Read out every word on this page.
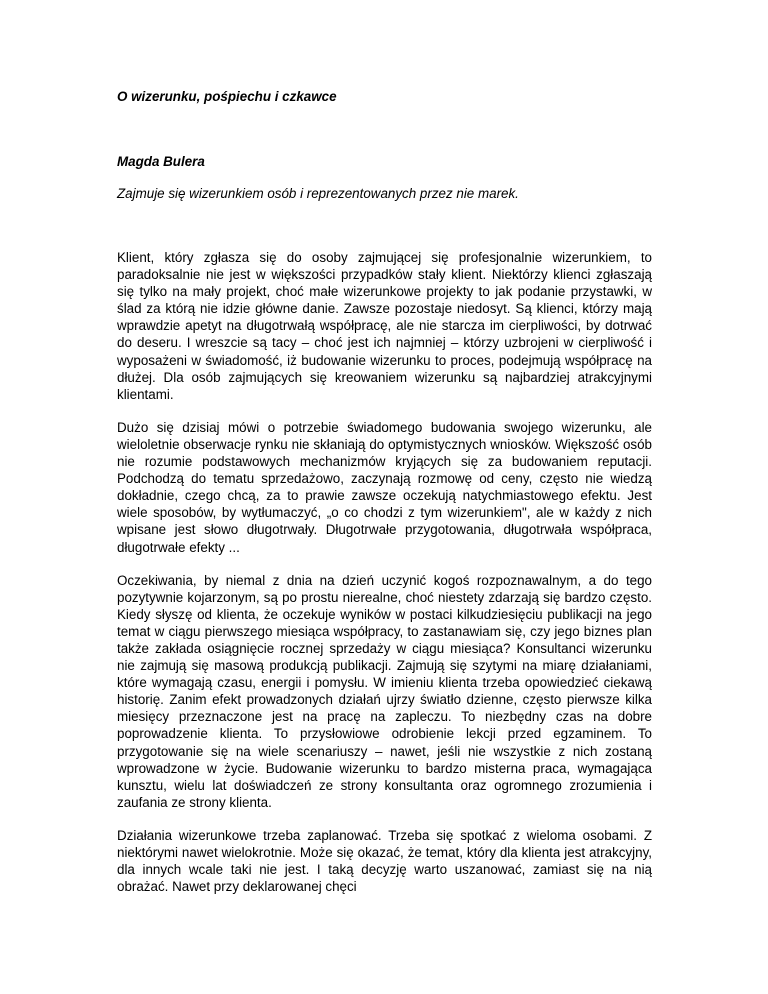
O wizerunku, pośpiechu i czkawce

Magda Bulera

Zajmuje się wizerunkiem osób i reprezentowanych przez nie marek.

Klient, który zgłasza się do osoby zajmującej się profesjonalnie wizerunkiem, to paradoksalnie nie jest w większości przypadków stały klient. Niektórzy klienci zgłaszają się tylko na mały projekt, choć małe wizerunkowe projekty to jak podanie przystawki, w ślad za którą nie idzie główne danie. Zawsze pozostaje niedosyt. Są klienci, którzy mają wprawdzie apetyt na długotrwałą współpracę, ale nie starcza im cierpliwości, by dotrwać do deseru. I wreszcie są tacy – choć jest ich najmniej – którzy uzbrojeni w cierpliwość i wyposażeni w świadomość, iż budowanie wizerunku to proces, podejmują współpracę na dłużej. Dla osób zajmujących się kreowaniem wizerunku są najbardziej atrakcyjnymi klientami.

Dużo się dzisiaj mówi o potrzebie świadomego budowania swojego wizerunku, ale wieloletnie obserwacje rynku nie skłaniają do optymistycznych wniosków. Większość osób nie rozumie podstawowych mechanizmów kryjących się za budowaniem reputacji. Podchodzą do tematu sprzedażowo, zaczynają rozmowę od ceny, często nie wiedzą dokładnie, czego chcą, za to prawie zawsze oczekują natychmiastowego efektu. Jest wiele sposobów, by wytłumaczyć, „o co chodzi z tym wizerunkiem", ale w każdy z nich wpisane jest słowo długotrwały. Długotrwałe przygotowania, długotrwała współpraca, długotrwałe efekty ...

Oczekiwania, by niemal z dnia na dzień uczynić kogoś rozpoznawalnym, a do tego pozytywnie kojarzonym, są po prostu nierealne, choć niestety zdarzają się bardzo często. Kiedy słyszę od klienta, że oczekuje wyników w postaci kilkudziesięciu publikacji na jego temat w ciągu pierwszego miesiąca współpracy, to zastanawiam się, czy jego biznes plan także zakłada osiągnięcie rocznej sprzedaży w ciągu miesiąca? Konsultanci wizerunku nie zajmują się masową produkcją publikacji. Zajmują się szytymi na miarę działaniami, które wymagają czasu, energii i pomysłu. W imieniu klienta trzeba opowiedzieć ciekawą historię. Zanim efekt prowadzonych działań ujrzy światło dzienne, często pierwsze kilka miesięcy przeznaczone jest na pracę na zapleczu. To niezbędny czas na dobre poprowadzenie klienta. To przysłowiowe odrobienie lekcji przed egzaminem. To przygotowanie się na wiele scenariuszy – nawet, jeśli nie wszystkie z nich zostaną wprowadzone w życie. Budowanie wizerunku to bardzo misterna praca, wymagająca kunsztu, wielu lat doświadczeń ze strony konsultanta oraz ogromnego zrozumienia i zaufania ze strony klienta.

Działania wizerunkowe trzeba zaplanować. Trzeba się spotkać z wieloma osobami. Z niektórymi nawet wielokrotnie. Może się okazać, że temat, który dla klienta jest atrakcyjny, dla innych wcale taki nie jest. I taką decyzję warto uszanować, zamiast się na nią obrażać. Nawet przy deklarowanej chęci
